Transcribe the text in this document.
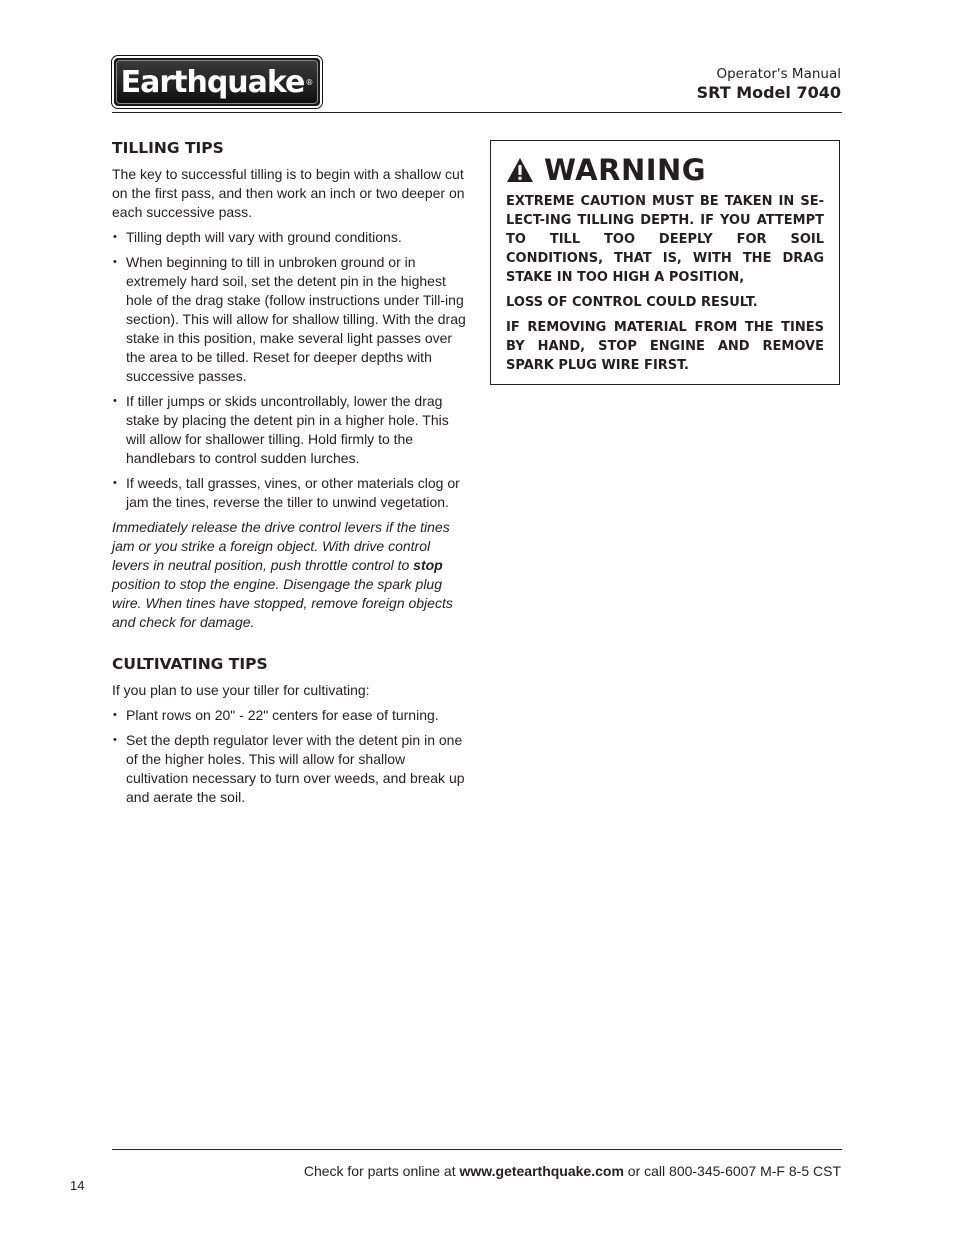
Earthquake ®	Operator's Manual
SRT Model 7040
TILLING TIPS

The key to successful tilling is to begin with a shallow cut on the first pass, and then work an inch or two deeper on each successive pass.

• Tilling depth will vary with ground conditions.
• When beginning to till in unbroken ground or in extremely hard soil, set the detent pin in the highest hole of the drag stake (follow instructions under Till-ing section). This will allow for shallow tilling. With the drag stake in this position, make several light passes over the area to be tilled. Reset for deeper depths with successive passes.
• If tiller jumps or skids uncontrollably, lower the drag stake by placing the detent pin in a higher hole. This will allow for shallower tilling. Hold firmly to the handlebars to control sudden lurches.
• If weeds, tall grasses, vines, or other materials clog or jam the tines, reverse the tiller to unwind vegetation.

Immediately release the drive control levers if the tines jam or you strike a foreign object. With drive control levers in neutral position, push throttle control to stop position to stop the engine. Disengage the spark plug wire. When tines have stopped, remove foreign objects and check for damage.

CULTIVATING TIPS

If you plan to use your tiller for cultivating:

• Plant rows on 20" - 22" centers for ease of turning.
• Set the depth regulator lever with the detent pin in one of the higher holes. This will allow for shallow cultivation necessary to turn over weeds, and break up and aerate the soil.
WARNING

EXTREME CAUTION MUST BE TAKEN IN SE-LECT-ING TILLING DEPTH. IF YOU ATTEMPT TO TILL TOO DEEPLY FOR SOIL CONDITIONS, THAT IS, WITH THE DRAG STAKE IN TOO HIGH A POSITION,

LOSS OF CONTROL COULD RESULT.

IF REMOVING MATERIAL FROM THE TINES BY HAND, STOP ENGINE AND REMOVE SPARK PLUG WIRE FIRST.

Check for parts online at www.getearthquake.com or call 800-345-6007 M-F 8-5 CST
14
